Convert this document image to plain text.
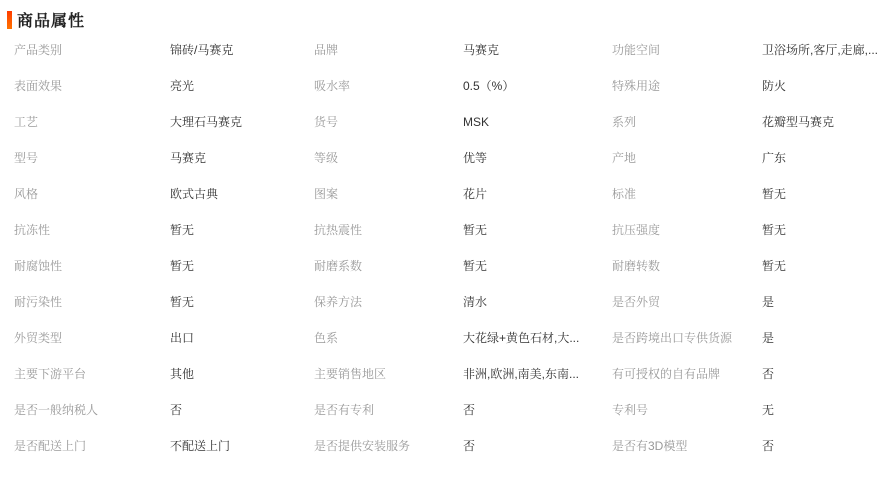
商品属性
产品类别	锦砖/马赛克	品牌	马赛克	功能空间	卫浴场所,客厅,走廊,...
表面效果	亮光	吸水率	0.5（%）	特殊用途	防火
工艺	大理石马赛克	货号	MSK	系列	花瓣型马赛克
型号	马赛克	等级	优等	产地	广东
风格	欧式古典	图案	花片	标准	暂无
抗冻性	暂无	抗热震性	暂无	抗压强度	暂无
耐腐蚀性	暂无	耐磨系数	暂无	耐磨转数	暂无
耐污染性	暂无	保养方法	清水	是否外贸	是
外贸类型	出口	色系	大花绿+黄色石材,大...	是否跨境出口专供货源	是
主要下游平台	其他	主要销售地区	非洲,欧洲,南美,东南...	有可授权的自有品牌	否
是否一般纳税人	否	是否有专利	否	专利号	无
是否配送上门	不配送上门	是否提供安装服务	否	是否有3D模型	否
